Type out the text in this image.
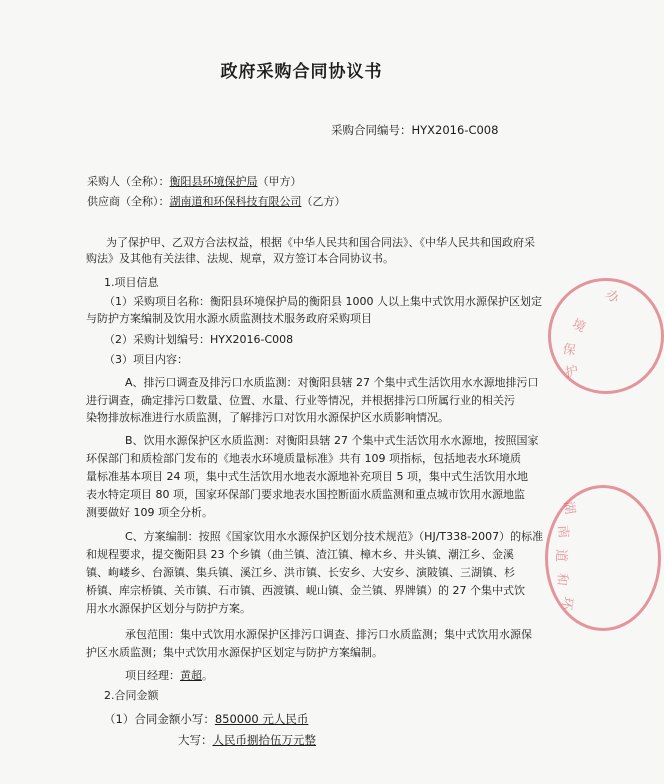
政府采购合同协议书
采购合同编号：HYX2016-C008
采购人（全称）：衡阳县环境保护局（甲方）
供应商（全称）：湖南道和环保科技有限公司（乙方）
为了保护甲、乙双方合法权益，根据《中华人民共和国合同法》、《中华人民共和国政府采
购法》及其他有关法律、法规、规章，双方签订本合同协议书。
1.项目信息
（1）采购项目名称：衡阳县环境保护局的衡阳县 1000 人以上集中式饮用水源保护区划定
与防护方案编制及饮用水源水质监测技术服务政府采购项目
（2）采购计划编号：HYX2016-C008
（3）项目内容：
A、排污口调查及排污口水质监测：对衡阳县辖 27 个集中式生活饮用水水源地排污口
进行调查，确定排污口数量、位置、水量、行业等情况，并根据排污口所属行业的相关污
染物排放标准进行水质监测，了解排污口对饮用水源保护区水质影响情况。
B、饮用水源保护区水质监测：对衡阳县辖 27 个集中式生活饮用水水源地，按照国家
环保部门和质检部门发布的《地表水环境质量标准》共有 109 项指标，包括地表水环境质
量标准基本项目 24 项，集中式生活饮用水地表水源地补充项目 5 项，集中式生活饮用水地
表水特定项目 80 项，国家环保部门要求地表水国控断面水质监测和重点城市饮用水源地监
测要做好 109 项全分析。
C、方案编制：按照《国家饮用水水源保护区划分技术规范》（HJ/T338-2007）的标准
和规程要求，提交衡阳县 23 个乡镇（曲兰镇、渣江镇、樟木乡、井头镇、潮江乡、金溪
镇、岣嵝乡、台源镇、集兵镇、溪江乡、洪市镇、长安乡、大安乡、演陂镇、三湖镇、杉
桥镇、库宗桥镇、关市镇、石市镇、西渡镇、岘山镇、金兰镇、界牌镇）的 27 个集中式饮
用水水源保护区划分与防护方案。
承包范围：集中式饮用水源保护区排污口调查、排污口水质监测；集中式饮用水源保
护区水质监测；集中式饮用水源保护区划定与防护方案编制。
项目经理：黄超。
2.合同金额
（1）合同金额小写：850000 元人民币
大写：人民币捌拾伍万元整
办
境
保
护
湖
南
道
和
环
